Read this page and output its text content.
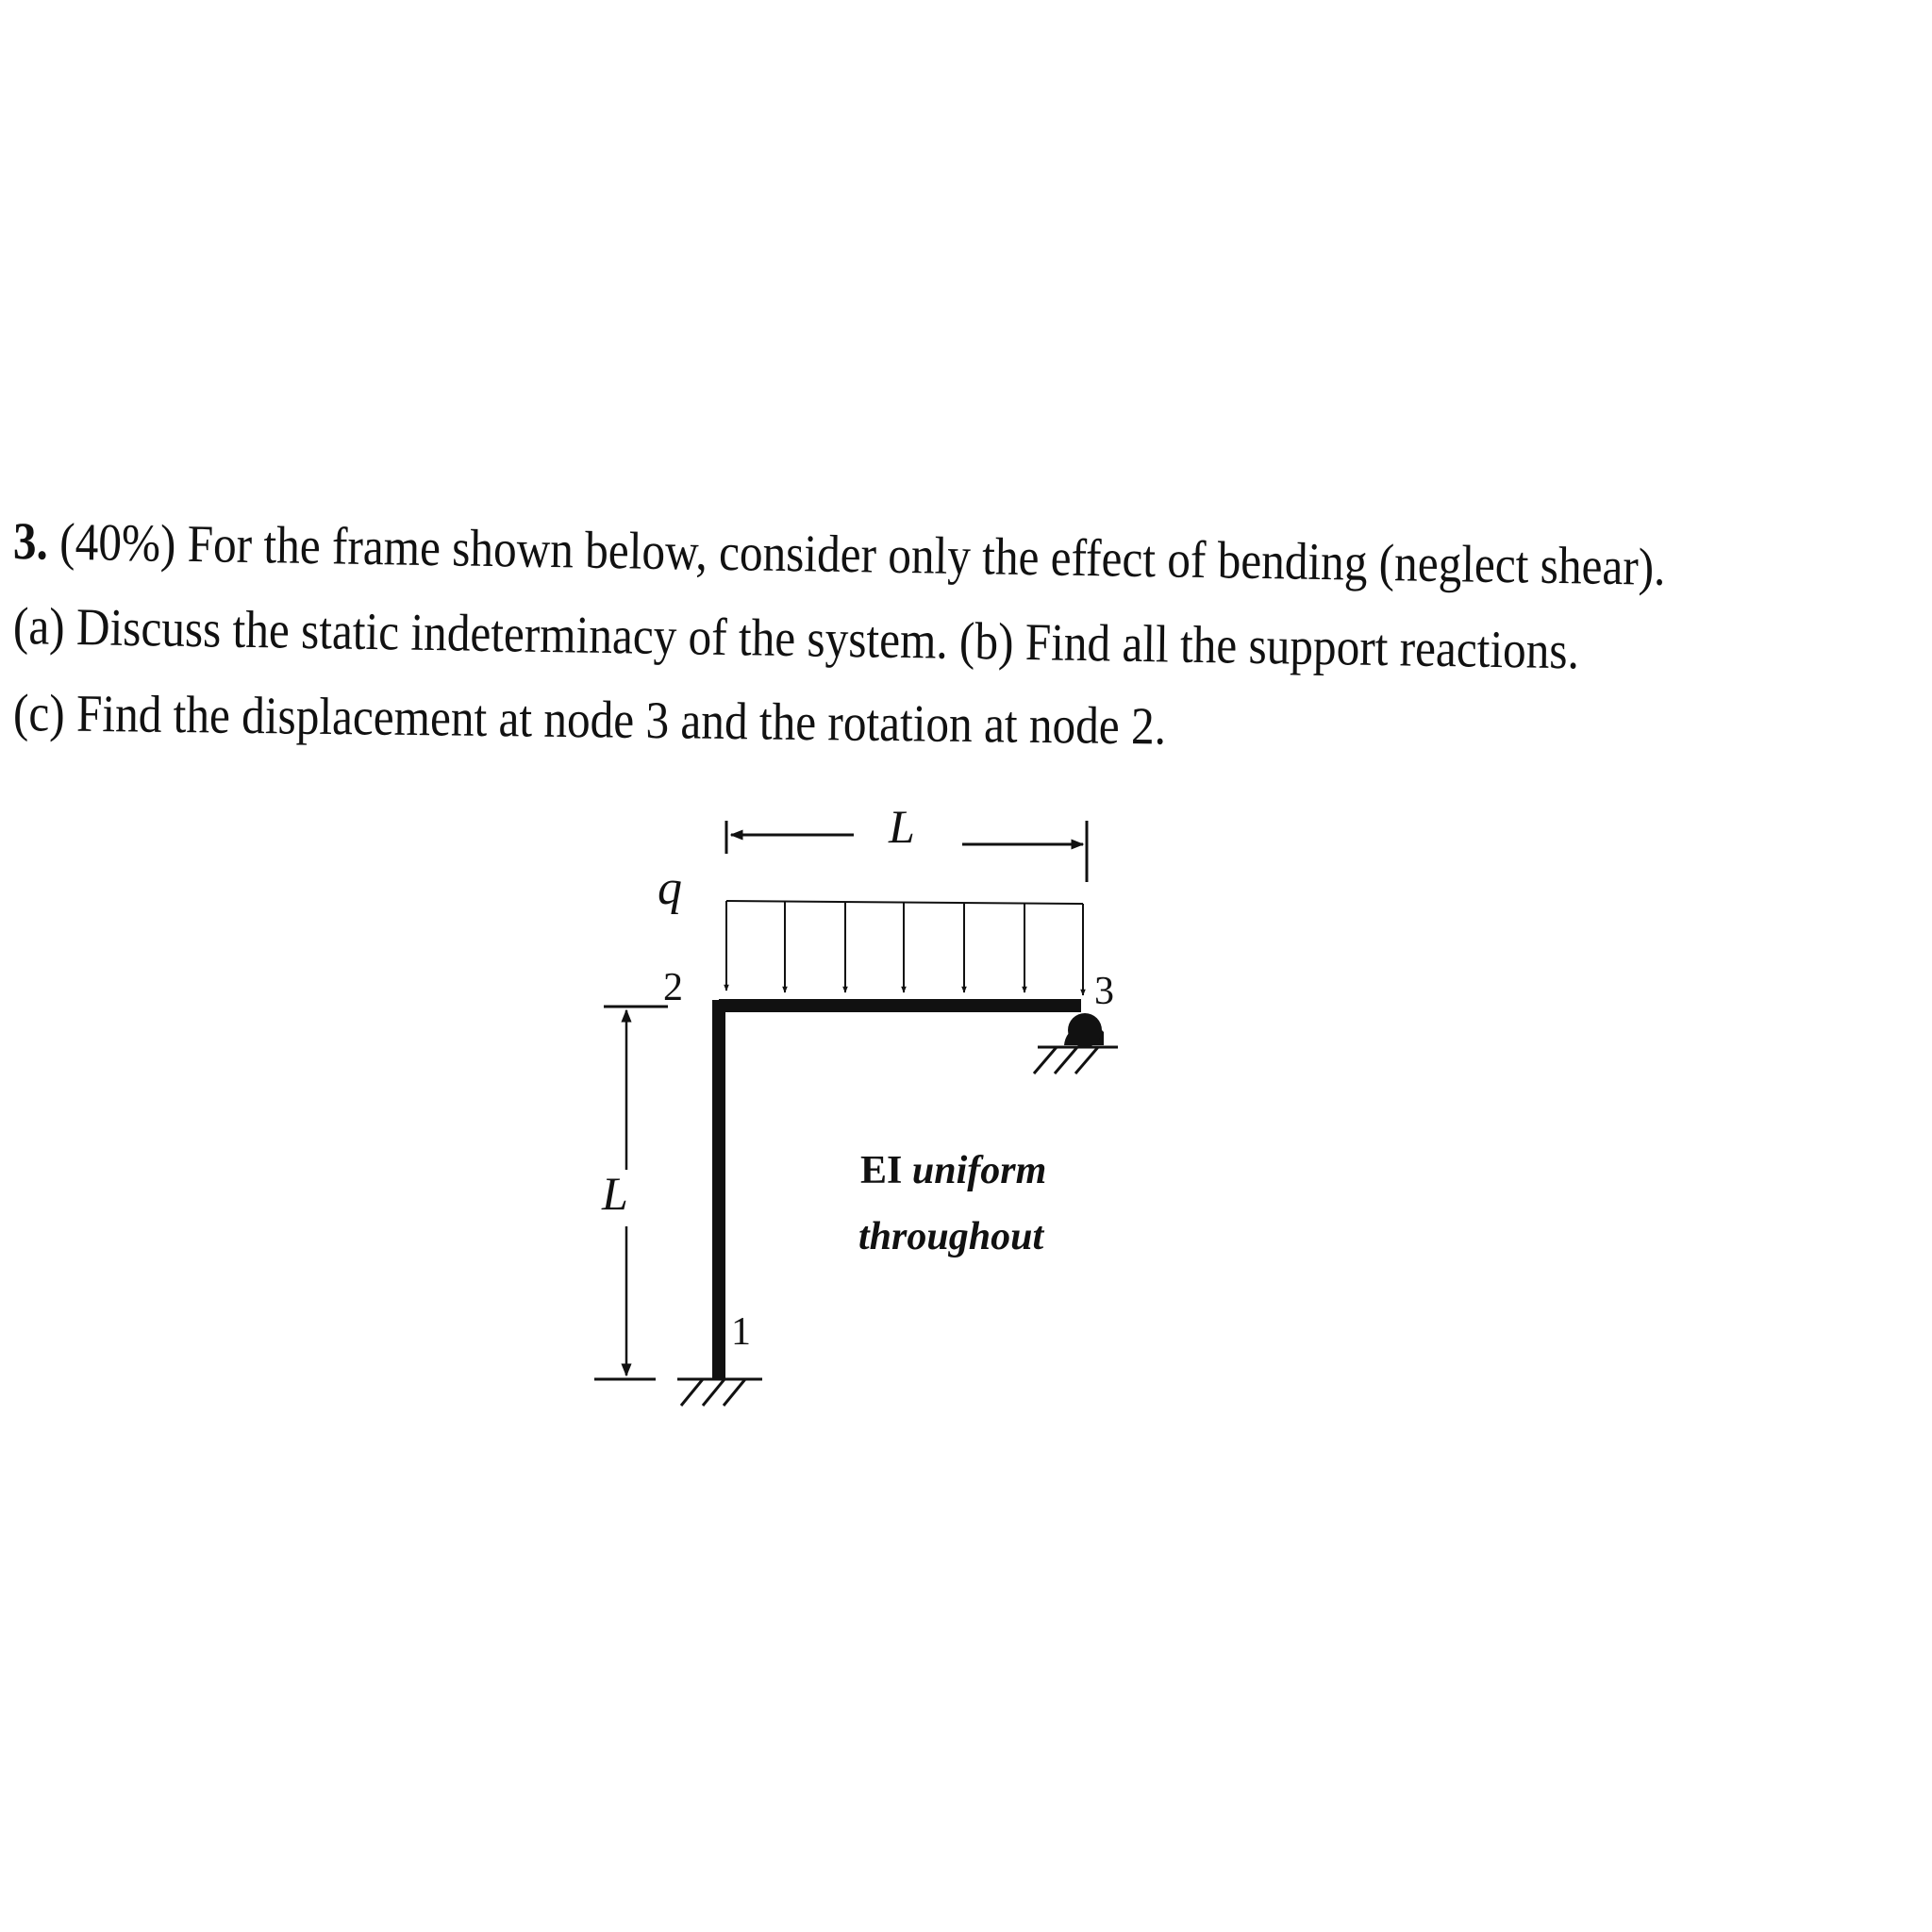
3. (40%) For the frame shown below, consider only the effect of bending (neglect shear).
(a) Discuss the static indeterminacy of the system. (b) Find all the support reactions.
(c) Find the displacement at node 3 and the rotation at node 2.
L
q
L
2	3
1
EI uniform
throughout
